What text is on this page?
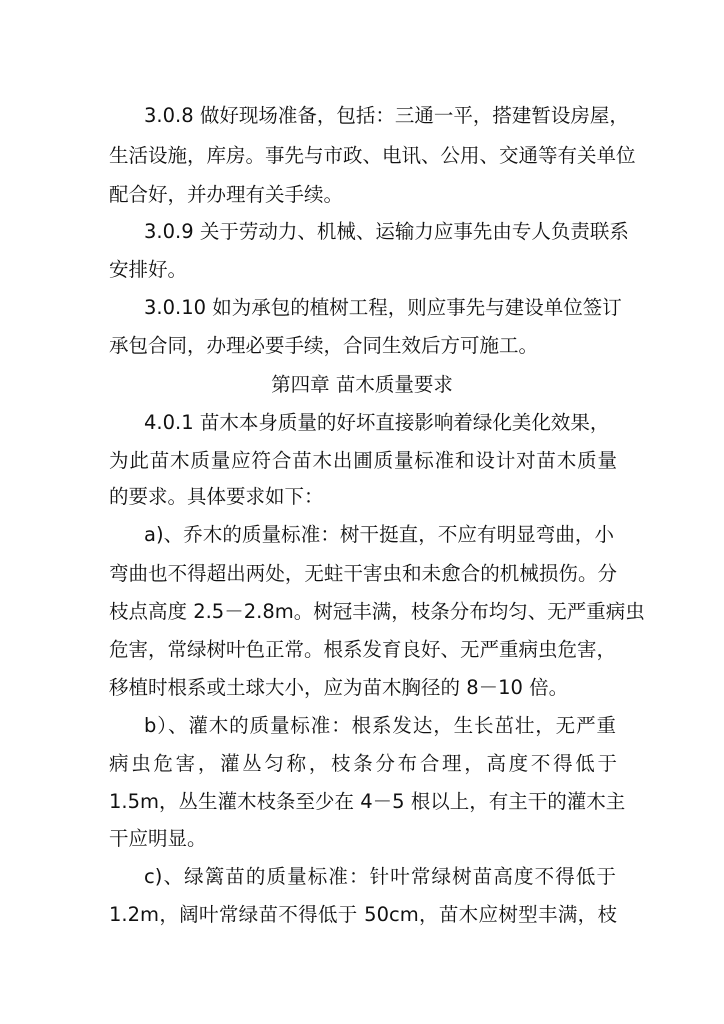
3.0.8 做好现场准备，包括：三通一平，搭建暂设房屋，
生活设施，库房。事先与市政、电讯、公用、交通等有关单位
配合好，并办理有关手续。
3.0.9 关于劳动力、机械、运输力应事先由专人负责联系
安排好。
3.0.10 如为承包的植树工程，则应事先与建设单位签订
承包合同，办理必要手续，合同生效后方可施工。
第四章 苗木质量要求
4.0.1 苗木本身质量的好坏直接影响着绿化美化效果，
为此苗木质量应符合苗木出圃质量标准和设计对苗木质量
的要求。具体要求如下：
a)、乔木的质量标准：树干挺直，不应有明显弯曲，小
弯曲也不得超出两处，无蛀干害虫和未愈合的机械损伤。分
枝点高度 2.5－2.8m。树冠丰满，枝条分布均匀、无严重病虫
危害，常绿树叶色正常。根系发育良好、无严重病虫危害，
移植时根系或土球大小，应为苗木胸径的 8－10 倍。
b）、灌木的质量标准：根系发达，生长茁壮，无严重
病虫危害，灌丛匀称，枝条分布合理，高度不得低于
1.5m，丛生灌木枝条至少在 4－5 根以上，有主干的灌木主
干应明显。
c)、绿篱苗的质量标准：针叶常绿树苗高度不得低于
1.2m，阔叶常绿苗不得低于 50cm，苗木应树型丰满，枝
